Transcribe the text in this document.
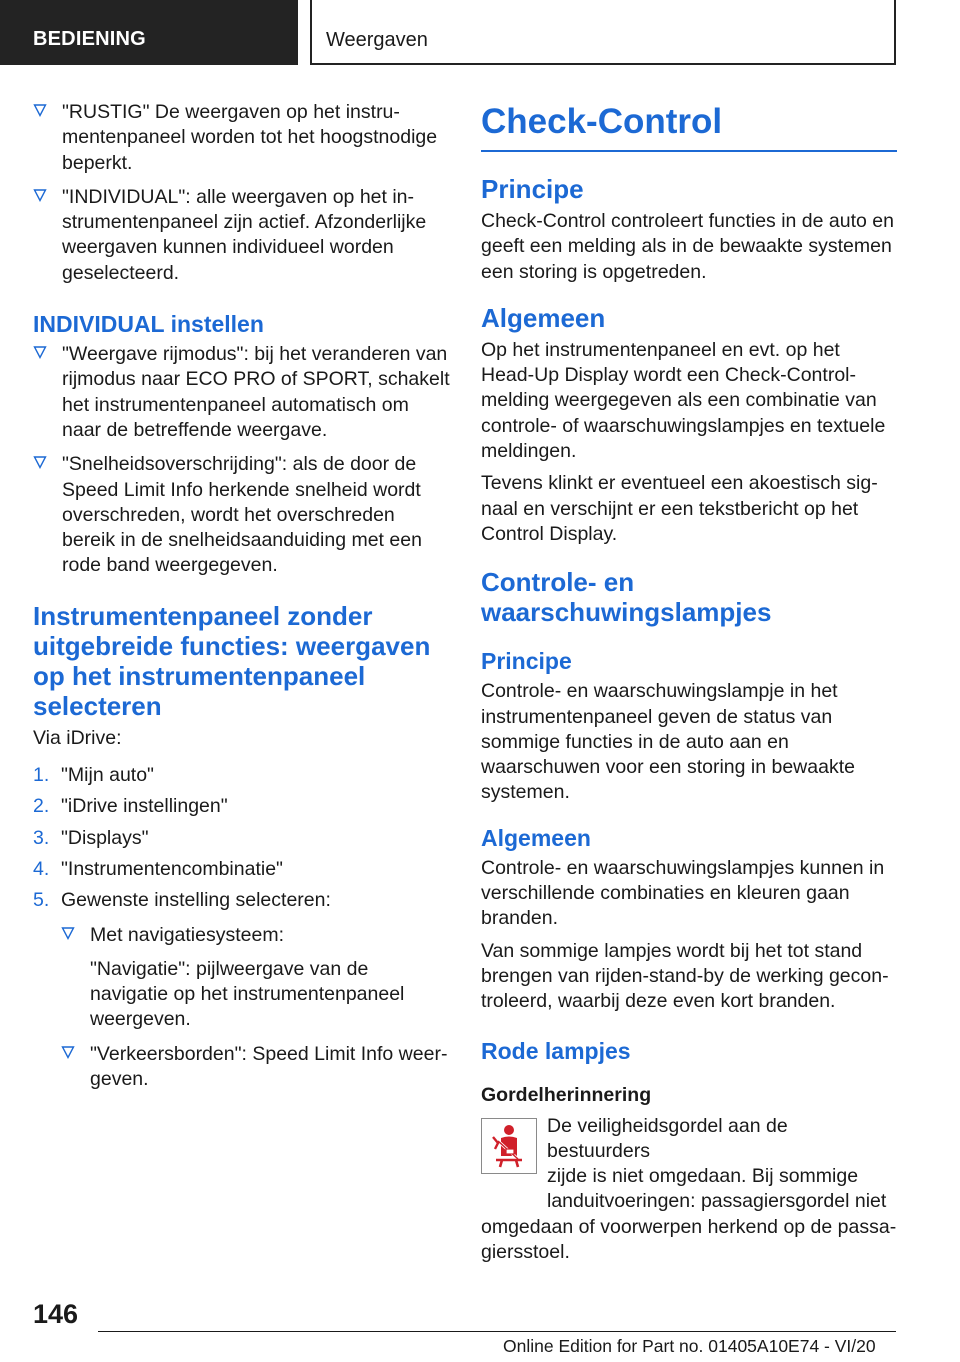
BEDIENING	Weergaven
"RUSTIG" De weergaven op het instrumentenpaneel worden tot het hoogstnodige beperkt.
"INDIVIDUAL": alle weergaven op het instrumentenpaneel zijn actief. Afzonderlijke weergaven kunnen individueel worden geselecteerd.
INDIVIDUAL instellen
"Weergave rijmodus": bij het veranderen van rijmodus naar ECO PRO of SPORT, schakelt het instrumentenpaneel automatisch om naar de betreffende weergave.
"Snelheidsoverschrijding": als de door de Speed Limit Info herkende snelheid wordt overschreden, wordt het overschreden bereik in de snelheidsaanduiding met een rode band weergegeven.
Instrumentenpaneel zonder uitgebreide functies: weergaven op het instrumentenpaneel selecteren

Via iDrive:

1. "Mijn auto"
2. "iDrive instellingen"
3. "Displays"
4. "Instrumentencombinatie"
5. Gewenste instelling selecteren:
Met navigatiesysteem:

"Navigatie": pijlweergave van de navigatie op het instrumentenpaneel weergeven.

"Verkeersborden": Speed Limit Info weergeven.
Check-Control
Principe

Check-Control controleert functies in de auto en geeft een melding als in de bewaakte systemen een storing is opgetreden.

Algemeen

Op het instrumentenpaneel en evt. op het Head-Up Display wordt een Check-Control-melding weergegeven als een combinatie van controle- of waarschuwingslampjes en textuele meldingen.

Tevens klinkt er eventueel een akoestisch signaal en verschijnt er een tekstbericht op het Control Display.

Controle- en waarschuwingslampjes
Principe

Controle- en waarschuwingslampje in het instrumentenpaneel geven de status van sommige functies in de auto aan en waarschuwen voor een storing in bewaakte systemen.

Algemeen

Controle- en waarschuwingslampjes kunnen in verschillende combinaties en kleuren gaan branden.

Van sommige lampjes wordt bij het tot stand brengen van rijden-stand-by de werking gecontroleerd, waarbij deze even kort branden.

Rode lampjes
Gordelherinnering
De veiligheidsgordel aan de bestuurders
zijde is niet omgedaan. Bij sommige
landuitvoeringen: passagiersgordel niet
omgedaan of voorwerpen herkend op de passagiersstoel.
146
Online Edition for Part no. 01405A10E74 - VI/20
